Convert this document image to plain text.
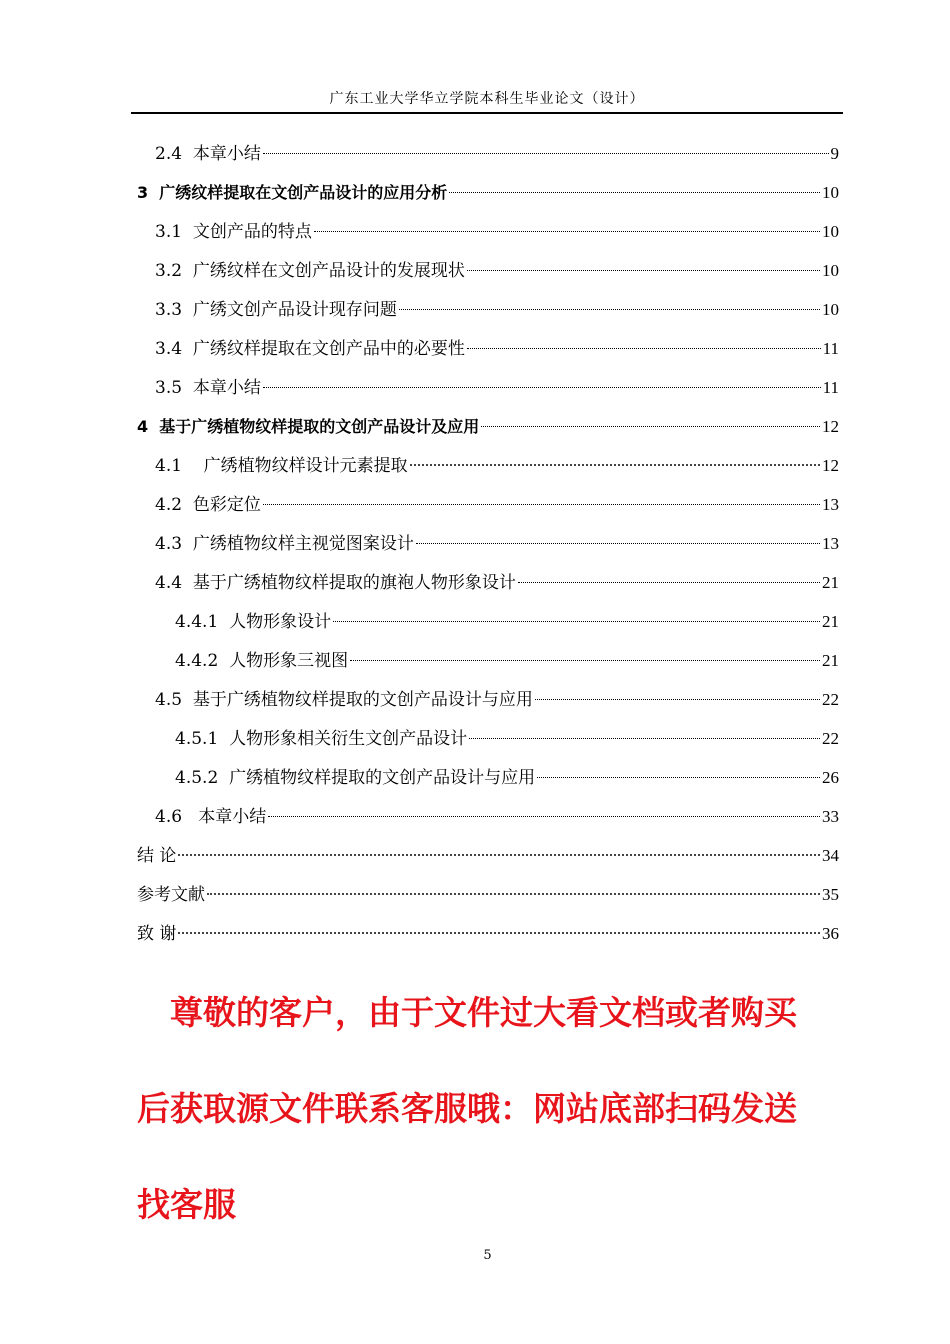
广东工业大学华立学院本科生毕业论文（设计）
2.4 本章小结	9
3 广绣纹样提取在文创产品设计的应用分析	10
3.1 文创产品的特点	10
3.2 广绣纹样在文创产品设计的发展现状	10
3.3 广绣文创产品设计现存问题	10
3.4 广绣纹样提取在文创产品中的必要性	11
3.5 本章小结	11
4 基于广绣植物纹样提取的文创产品设计及应用	12
4.1 广绣植物纹样设计元素提取	12
4.2 色彩定位	13
4.3 广绣植物纹样主视觉图案设计	13
4.4 基于广绣植物纹样提取的旗袍人物形象设计	21
4.4.1 人物形象设计	21
4.4.2 人物形象三视图	21
4.5 基于广绣植物纹样提取的文创产品设计与应用	22
4.5.1 人物形象相关衍生文创产品设计	22
4.5.2 广绣植物纹样提取的文创产品设计与应用	26
4.6 本章小结	33
结 论	34
参考文献	35
致 谢	36
尊敬的客户，由于文件过大看文档或者购买
后获取源文件联系客服哦：网站底部扫码发送
找客服
5
